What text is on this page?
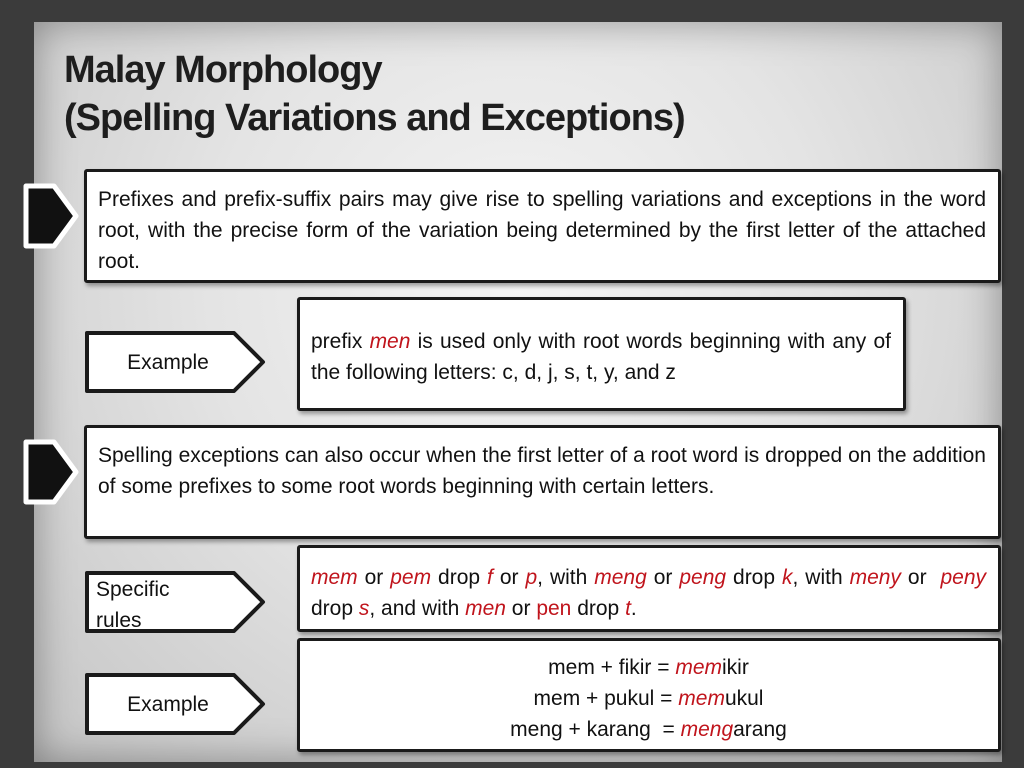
Malay Morphology
(Spelling Variations and Exceptions)
Prefixes and prefix-suffix pairs may give rise to spelling variations and exceptions in the word root, with the precise form of the variation being determined by the first letter of the attached root.
Example
prefix men is used only with root words beginning with any of the following letters: c, d, j, s, t, y, and z
Spelling exceptions can also occur when the first letter of a root word is dropped on the addition of some prefixes to some root words beginning with certain letters.
Specific rules
mem or pem drop f or p, with meng or peng drop k, with meny or  peny drop s, and with men or pen drop t.
Example
mem + fikir = memikir
mem + pukul = memukul
meng + karang  = mengarang
